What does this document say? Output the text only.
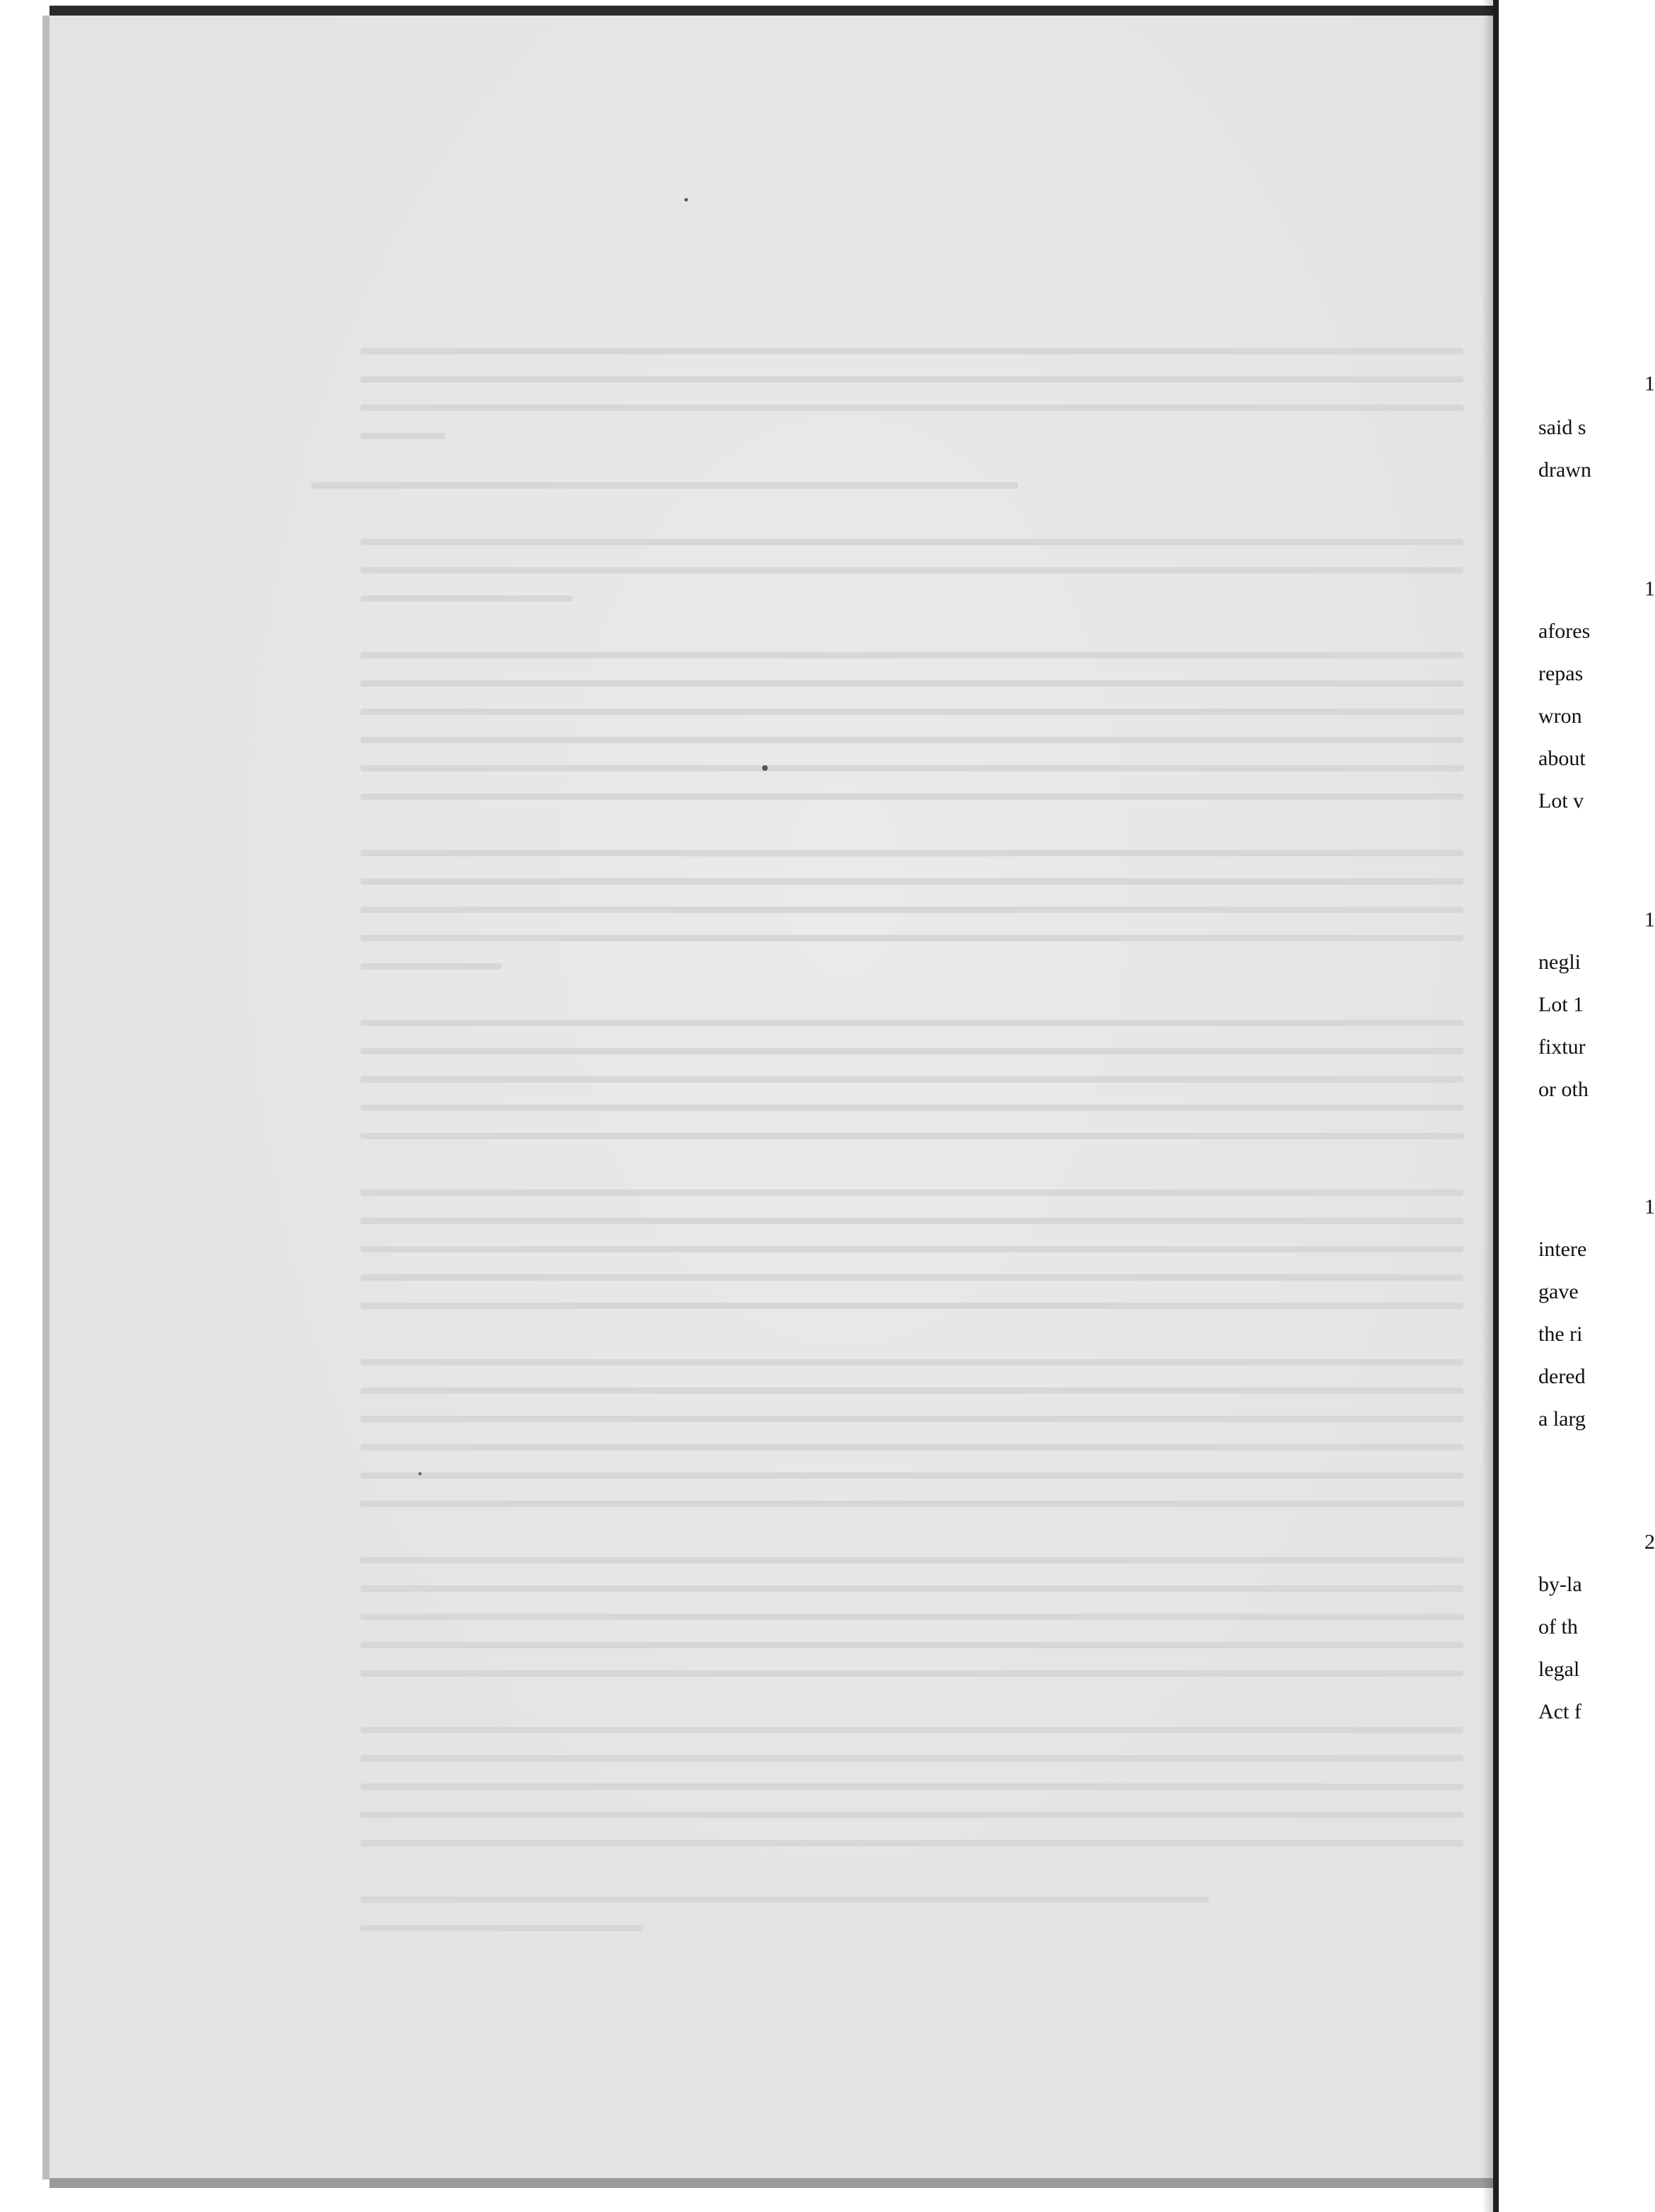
1

said s

drawn

1

afores

repas

wron

about

Lot v

1

negli

Lot 1

fixtur

or oth

1

intere

gave

the ri

dered

a larg

2

by-la

of th

legal

Act f
